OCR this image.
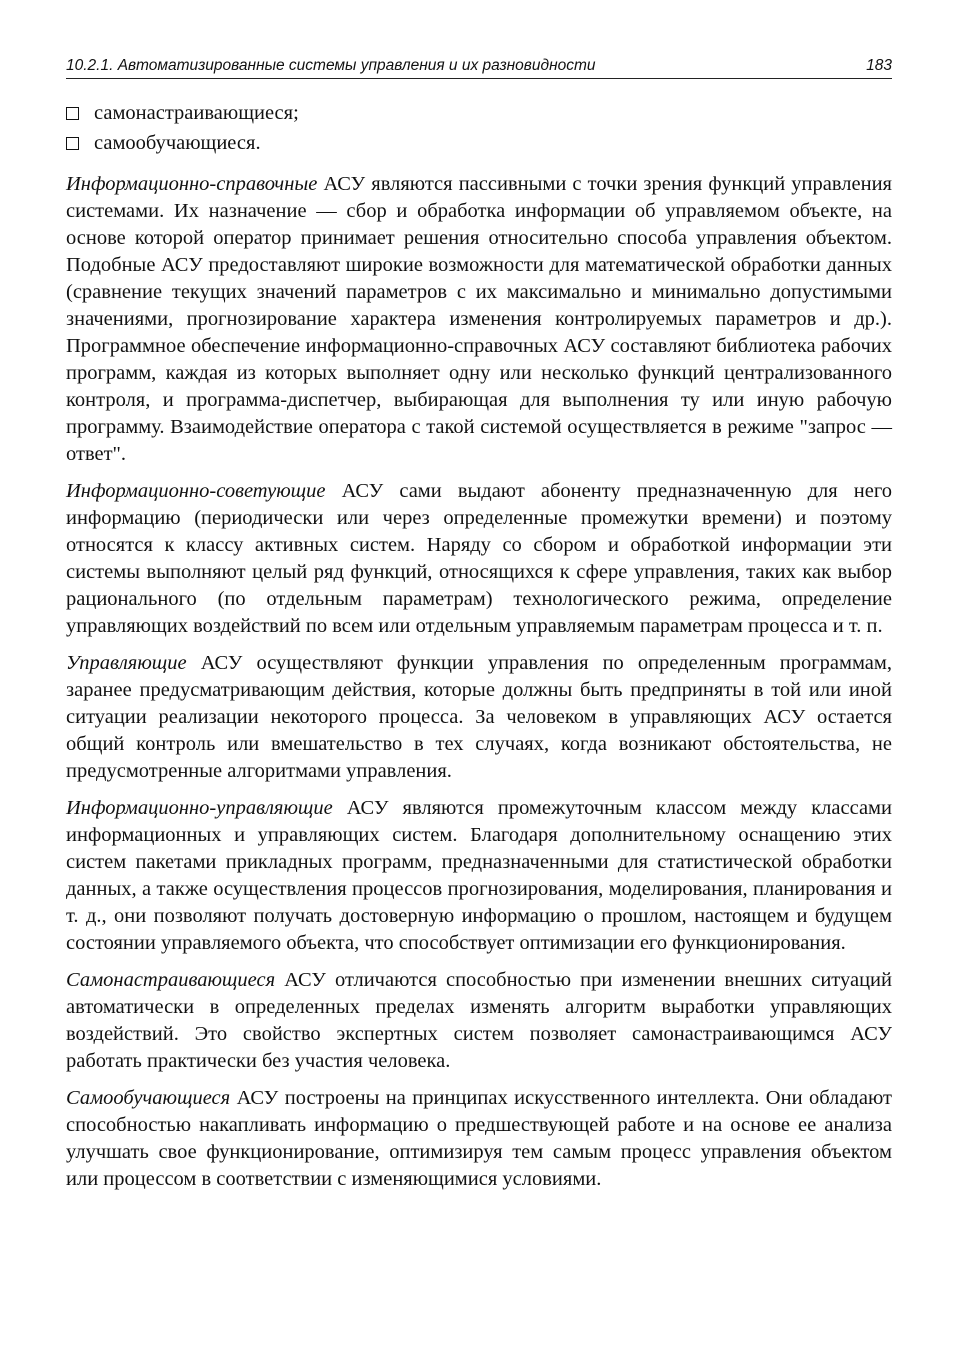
10.2.1. Автоматизированные системы управления и их разновидности	183
самонастраивающиеся;
самообучающиеся.

Информационно-справочные АСУ являются пассивными с точки зрения функций управления системами. Их назначение — сбор и обработка информации об управляемом объекте, на основе которой оператор принимает решения относительно способа управления объектом. Подобные АСУ предоставляют широкие возможности для математической обработки данных (сравнение текущих значений параметров с их максимально и минимально допустимыми значениями, прогнозирование характера изменения контролируемых параметров и др.). Программное обеспечение информационно-справочных АСУ составляют библиотека рабочих программ, каждая из которых выполняет одну или несколько функций централизованного контроля, и программа-диспетчер, выбирающая для выполнения ту или иную рабочую программу. Взаимодействие оператора с такой системой осуществляется в режиме "запрос — ответ".

Информационно-советующие АСУ сами выдают абоненту предназначенную для него информацию (периодически или через определенные промежутки времени) и поэтому относятся к классу активных систем. Наряду со сбором и обработкой информации эти системы выполняют целый ряд функций, относящихся к сфере управления, таких как выбор рационального (по отдельным параметрам) технологического режима, определение управляющих воздействий по всем или отдельным управляемым параметрам процесса и т. п.

Управляющие АСУ осуществляют функции управления по определенным программам, заранее предусматривающим действия, которые должны быть предприняты в той или иной ситуации реализации некоторого процесса. За человеком в управляющих АСУ остается общий контроль или вмешательство в тех случаях, когда возникают обстоятельства, не предусмотренные алгоритмами управления.

Информационно-управляющие АСУ являются промежуточным классом между классами информационных и управляющих систем. Благодаря дополнительному оснащению этих систем пакетами прикладных программ, предназначенными для статистической обработки данных, а также осуществления процессов прогнозирования, моделирования, планирования и т. д., они позволяют получать достоверную информацию о прошлом, настоящем и будущем состоянии управляемого объекта, что способствует оптимизации его функционирования.

Самонастраивающиеся АСУ отличаются способностью при изменении внешних ситуаций автоматически в определенных пределах изменять алгоритм выработки управляющих воздействий. Это свойство экспертных систем позволяет самонастраивающимся АСУ работать практически без участия человека.

Самообучающиеся АСУ построены на принципах искусственного интеллекта. Они обладают способностью накапливать информацию о предшествующей работе и на основе ее анализа улучшать свое функционирование, оптимизируя тем самым процесс управления объектом или процессом в соответствии с изменяющимися условиями.
